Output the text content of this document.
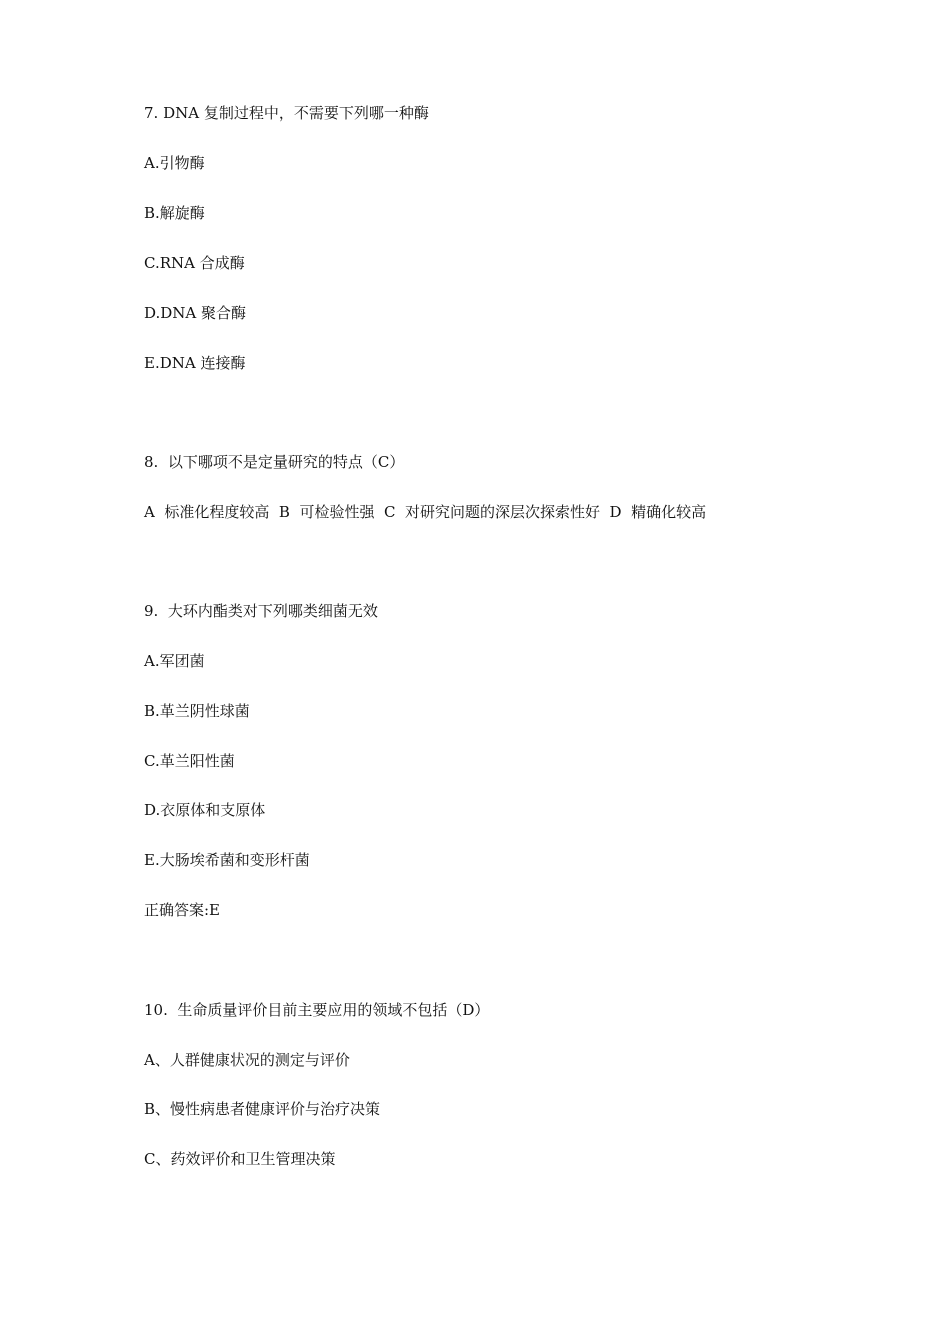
7. DNA 复制过程中，不需要下列哪一种酶
A.引物酶
B.解旋酶
C.RNA 合成酶
D.DNA 聚合酶
E.DNA 连接酶
8.  以下哪项不是定量研究的特点（C）
A  标准化程度较高  B  可检验性强  C  对研究问题的深层次探索性好  D  精确化较高
9.  大环内酯类对下列哪类细菌无效
A.军团菌
B.革兰阴性球菌
C.革兰阳性菌
D.衣原体和支原体
E.大肠埃希菌和变形杆菌
正确答案:E
10.  生命质量评价目前主要应用的领域不包括（D）
A、人群健康状况的测定与评价
B、慢性病患者健康评价与治疗决策
C、药效评价和卫生管理决策
